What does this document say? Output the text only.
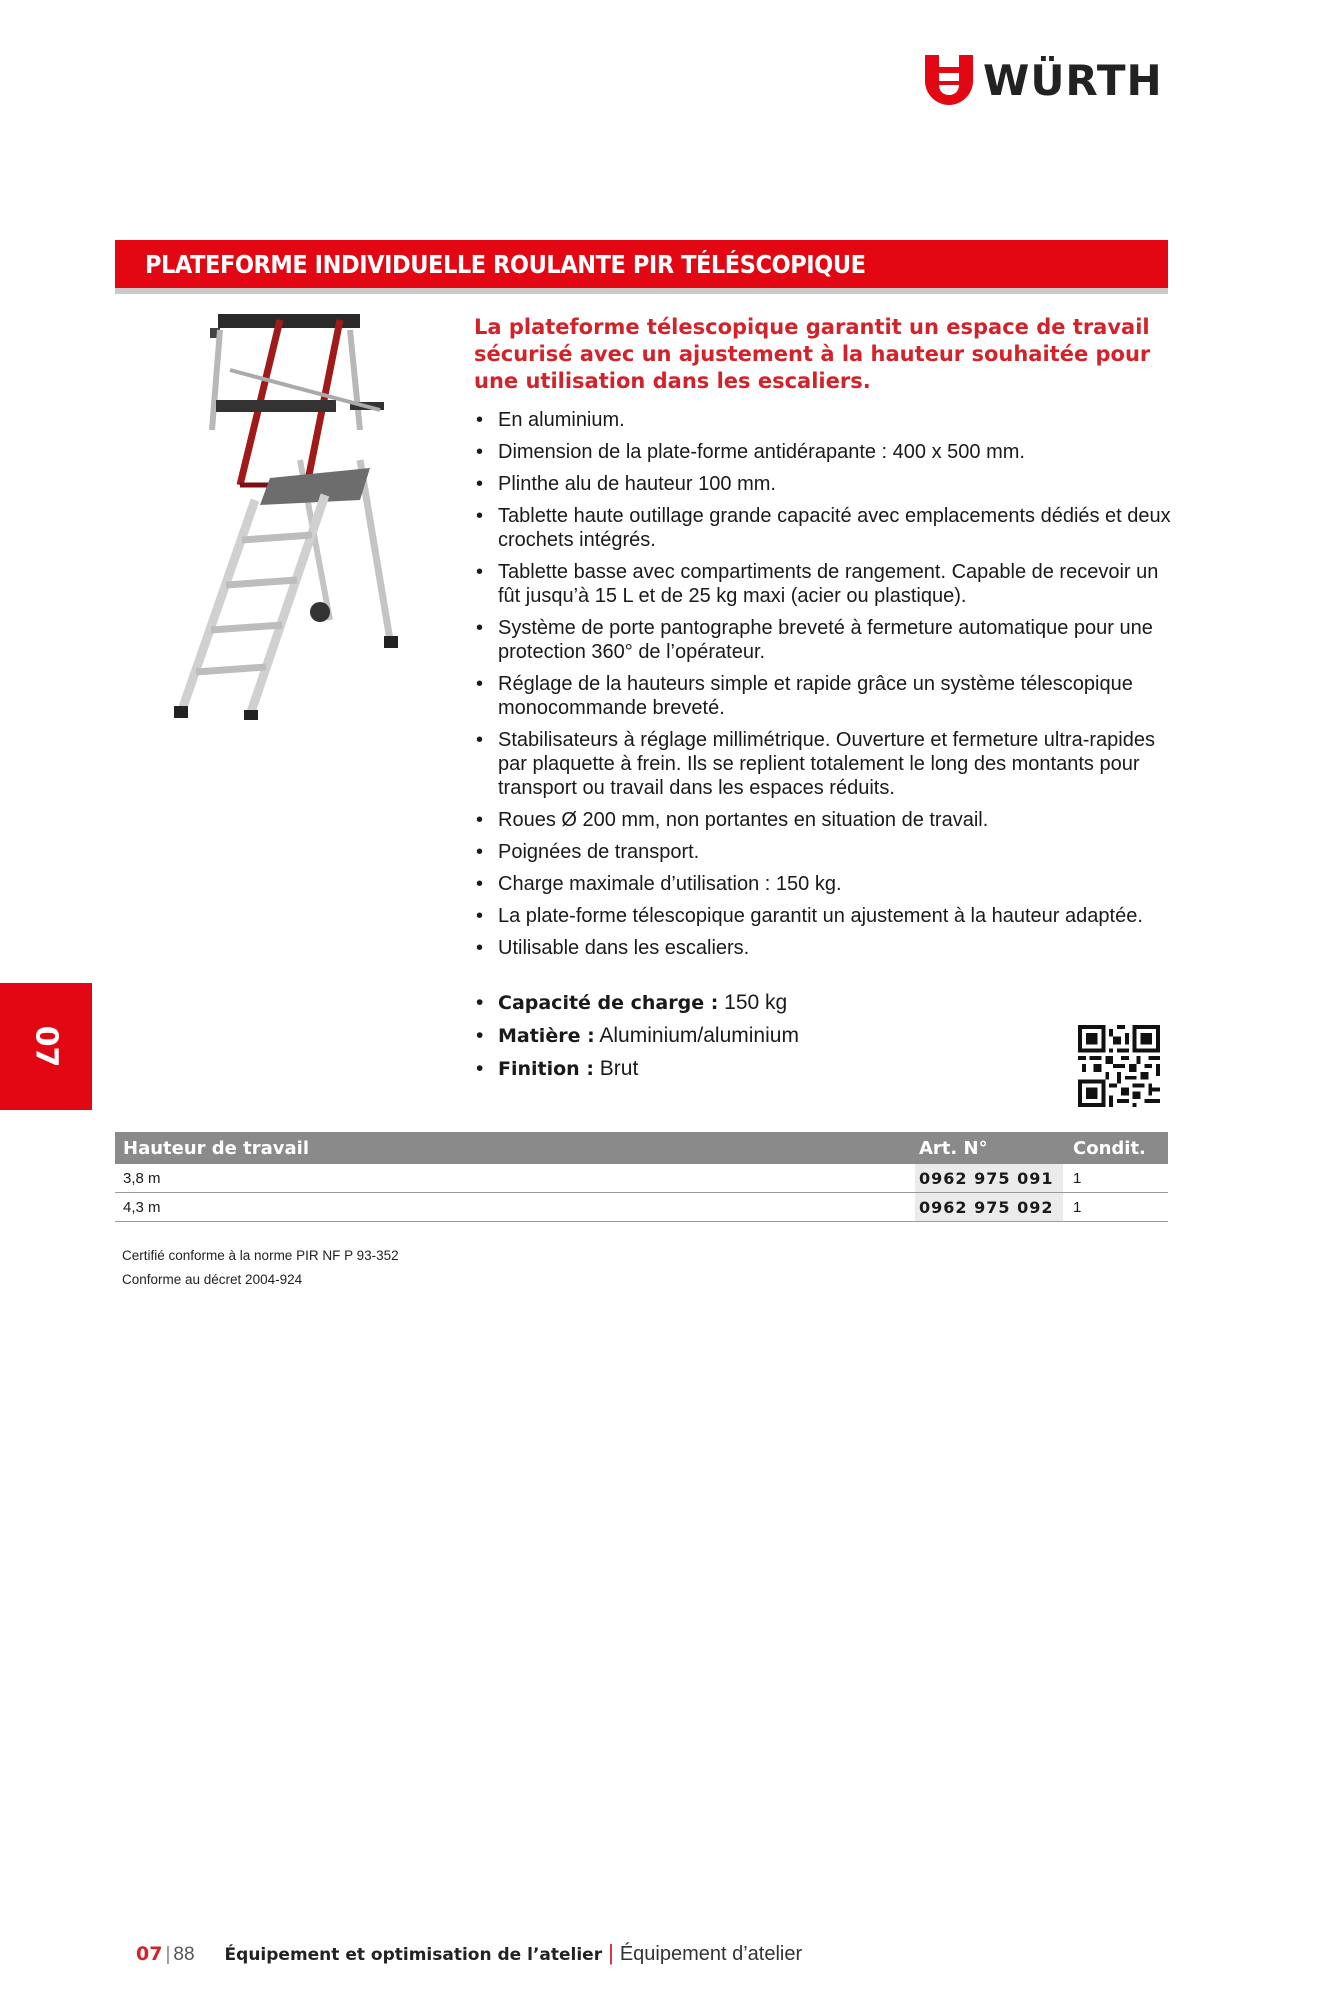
WÜRTH
PLATEFORME INDIVIDUELLE ROULANTE PIR TÉLÉSCOPIQUE
La plateforme télescopique garantit un espace de travail sécurisé avec un ajustement à la hauteur souhaitée pour une utilisation dans les escaliers.
• En aluminium.
• Dimension de la plate-forme antidérapante : 400 x 500 mm.
• Plinthe alu de hauteur 100 mm.
• Tablette haute outillage grande capacité avec emplacements dédiés et deux crochets intégrés.
• Tablette basse avec compartiments de rangement. Capable de recevoir un fût jusqu’à 15 L et de 25 kg maxi (acier ou plastique).
• Système de porte pantographe breveté à fermeture automatique pour une protection 360° de l’opérateur.
• Réglage de la hauteurs simple et rapide grâce un système télescopique monocommande breveté.
• Stabilisateurs à réglage millimétrique. Ouverture et fermeture ultra-rapides par plaquette à frein. Ils se replient totalement le long des montants pour transport ou travail dans les espaces réduits.
• Roues Ø 200 mm, non portantes en situation de travail.
• Poignées de transport.
• Charge maximale d’utilisation : 150 kg.
• La plate-forme télescopique garantit un ajustement à la hauteur adaptée.
• Utilisable dans les escaliers.
• Capacité de charge : 150 kg
• Matière : Aluminium/aluminium
• Finition : Brut
07
Hauteur de travail	Art. N°	Condit.
3,8 m	0962 975 091	1
4,3 m	0962 975 092	1
Certifié conforme à la norme PIR NF P 93-352
Conforme au décret 2004-924
07 | 88 Équipement et optimisation de l’atelier | Équipement d’atelier
